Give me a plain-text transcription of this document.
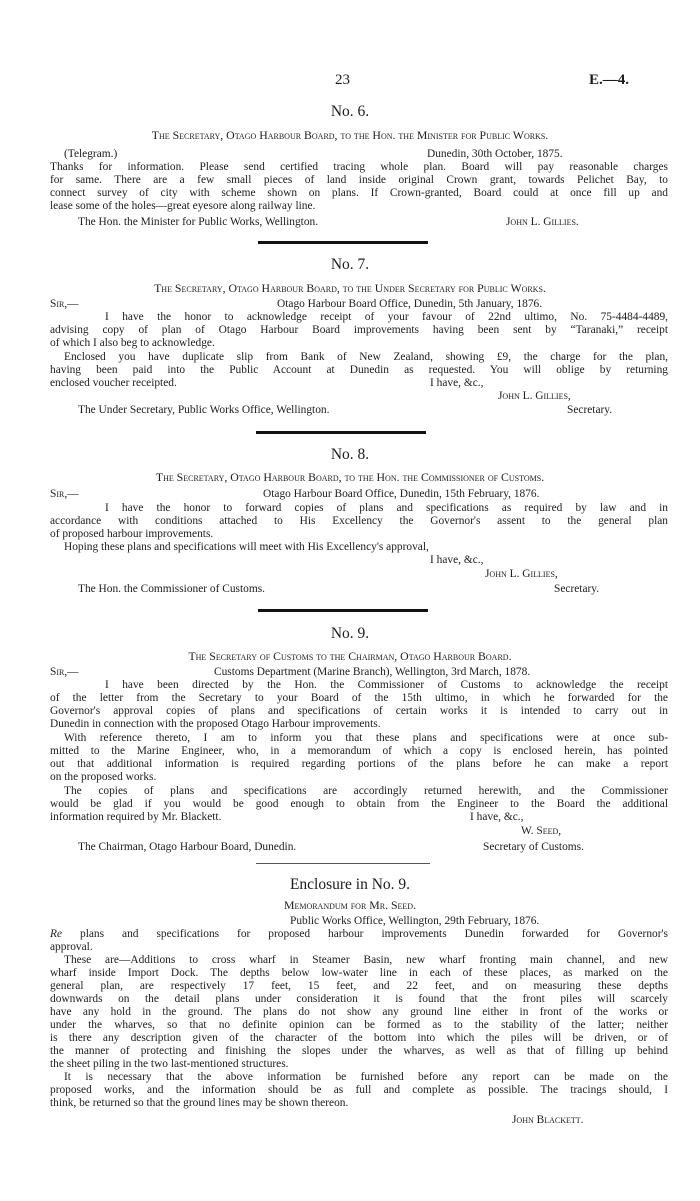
23	E.—4.
No. 6.
The Secretary, Otago Harbour Board, to the Hon. the Minister for Public Works.
(Telegram.)	Dunedin, 30th October, 1875.
Thanks for information. Please send certified tracing whole plan. Board will pay reasonable charges
for same. There are a few small pieces of land inside original Crown grant, towards Pelichet Bay, to
connect survey of city with scheme shown on plans. If Crown-granted, Board could at once fill up and
lease some of the holes—great eyesore along railway line.
The Hon. the Minister for Public Works, Wellington.	John L. Gillies.
No. 7.
The Secretary, Otago Harbour Board, to the Under Secretary for Public Works.
Sir,—	Otago Harbour Board Office, Dunedin, 5th January, 1876.
I have the honor to acknowledge receipt of your favour of 22nd ultimo, No. 75-4484-4489,
advising copy of plan of Otago Harbour Board improvements having been sent by “Taranaki,” receipt
of which I also beg to acknowledge.
Enclosed you have duplicate slip from Bank of New Zealand, showing £9, the charge for the plan,
having been paid into the Public Account at Dunedin as requested. You will oblige by returning
enclosed voucher receipted.	I have, &c.,
John L. Gillies,
The Under Secretary, Public Works Office, Wellington.	Secretary.
No. 8.
The Secretary, Otago Harbour Board, to the Hon. the Commissioner of Customs.
Sir,—	Otago Harbour Board Office, Dunedin, 15th February, 1876.
I have the honor to forward copies of plans and specifications as required by law and in
accordance with conditions attached to His Excellency the Governor's assent to the general plan
of proposed harbour improvements.
Hoping these plans and specifications will meet with His Excellency's approval,
I have, &c.,
John L. Gillies,
The Hon. the Commissioner of Customs.	Secretary.
No. 9.
The Secretary of Customs to the Chairman, Otago Harbour Board.
Sir,—	Customs Department (Marine Branch), Wellington, 3rd March, 1878.
I have been directed by the Hon. the Commissioner of Customs to acknowledge the receipt
of the letter from the Secretary to your Board of the 15th ultimo, in which he forwarded for the
Governor's approval copies of plans and specifications of certain works it is intended to carry out in
Dunedin in connection with the proposed Otago Harbour improvements.
With reference thereto, I am to inform you that these plans and specifications were at once sub-
mitted to the Marine Engineer, who, in a memorandum of which a copy is enclosed herein, has pointed
out that additional information is required regarding portions of the plans before he can make a report
on the proposed works.
The copies of plans and specifications are accordingly returned herewith, and the Commissioner
would be glad if you would be good enough to obtain from the Engineer to the Board the additional
information required by Mr. Blackett.	I have, &c.,
W. Seed,
The Chairman, Otago Harbour Board, Dunedin.	Secretary of Customs.
Enclosure in No. 9.
Memorandum for Mr. Seed.
Public Works Office, Wellington, 29th February, 1876.
Re plans and specifications for proposed harbour improvements Dunedin forwarded for Governor's
approval.
These are—Additions to cross wharf in Steamer Basin, new wharf fronting main channel, and new
wharf inside Import Dock. The depths below low-water line in each of these places, as marked on the
general plan, are respectively 17 feet, 15 feet, and 22 feet, and on measuring these depths
downwards on the detail plans under consideration it is found that the front piles will scarcely
have any hold in the ground. The plans do not show any ground line either in front of the works or
under the wharves, so that no definite opinion can be formed as to the stability of the latter; neither
is there any description given of the character of the bottom into which the piles will be driven, or of
the manner of protecting and finishing the slopes under the wharves, as well as that of filling up behind
the sheet piling in the two last-mentioned structures.
It is necessary that the above information be furnished before any report can be made on the
proposed works, and the information should be as full and complete as possible. The tracings should, I
think, be returned so that the ground lines may be shown thereon.
John Blackett.
